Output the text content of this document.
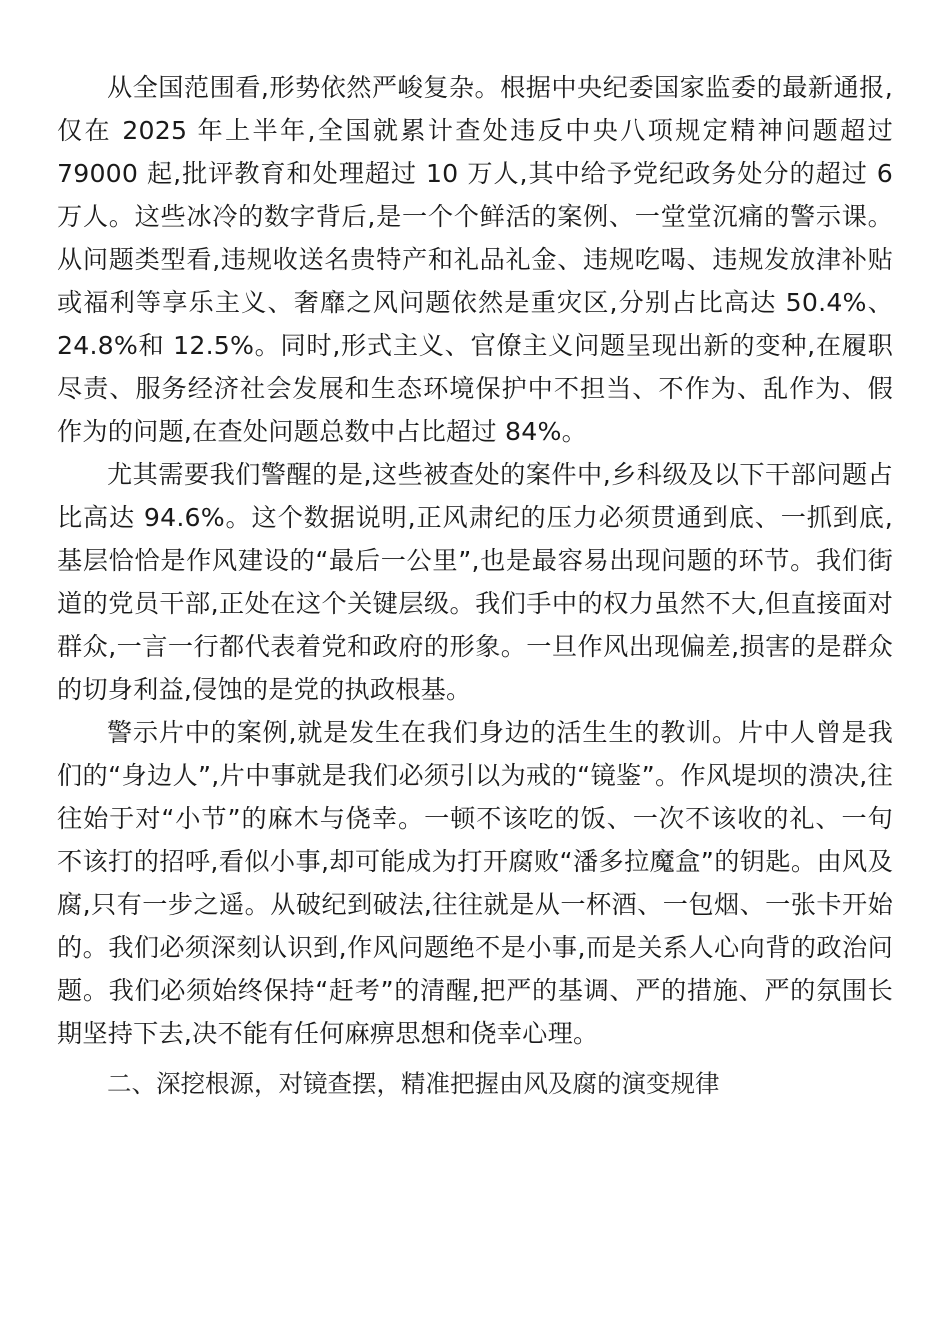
从全国范围看,形势依然严峻复杂。根据中央纪委国家监委的最新通报,仅在 2025 年上半年,全国就累计查处违反中央八项规定精神问题超过 79000 起,批评教育和处理超过 10 万人,其中给予党纪政务处分的超过 6 万人。这些冰冷的数字背后,是一个个鲜活的案例、一堂堂沉痛的警示课。从问题类型看,违规收送名贵特产和礼品礼金、违规吃喝、违规发放津补贴或福利等享乐主义、奢靡之风问题依然是重灾区,分别占比高达 50.4%、24.8%和 12.5%。同时,形式主义、官僚主义问题呈现出新的变种,在履职尽责、服务经济社会发展和生态环境保护中不担当、不作为、乱作为、假作为的问题,在查处问题总数中占比超过 84%。

尤其需要我们警醒的是,这些被查处的案件中,乡科级及以下干部问题占比高达 94.6%。这个数据说明,正风肃纪的压力必须贯通到底、一抓到底,基层恰恰是作风建设的“最后一公里”,也是最容易出现问题的环节。我们街道的党员干部,正处在这个关键层级。我们手中的权力虽然不大,但直接面对群众,一言一行都代表着党和政府的形象。一旦作风出现偏差,损害的是群众的切身利益,侵蚀的是党的执政根基。

警示片中的案例,就是发生在我们身边的活生生的教训。片中人曾是我们的“身边人”,片中事就是我们必须引以为戒的“镜鉴”。作风堤坝的溃决,往往始于对“小节”的麻木与侥幸。一顿不该吃的饭、一次不该收的礼、一句不该打的招呼,看似小事,却可能成为打开腐败“潘多拉魔盒”的钥匙。由风及腐,只有一步之遥。从破纪到破法,往往就是从一杯酒、一包烟、一张卡开始的。我们必须深刻认识到,作风问题绝不是小事,而是关系人心向背的政治问题。我们必须始终保持“赶考”的清醒,把严的基调、严的措施、严的氛围长期坚持下去,决不能有任何麻痹思想和侥幸心理。

二、深挖根源，对镜查摆，精准把握由风及腐的演变规律
